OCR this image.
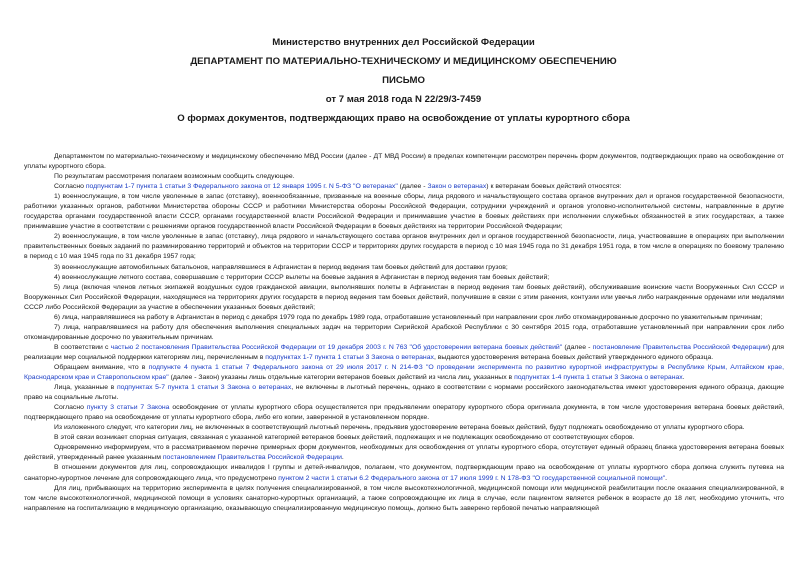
Министерство внутренних дел Российской Федерации
ДЕПАРТАМЕНТ ПО МАТЕРИАЛЬНО-ТЕХНИЧЕСКОМУ И МЕДИЦИНСКОМУ ОБЕСПЕЧЕНИЮ
ПИСЬМО
от 7 мая 2018 года N 22/29/3-7459
О формах документов, подтверждающих право на освобождение от уплаты курортного сбора

Департаментом по материально-техническому и медицинскому обеспечению МВД России (далее - ДТ МВД России) в пределах компетенции рассмотрен перечень форм документов, подтверждающих право на освобождение от уплаты курортного сбора.

По результатам рассмотрения полагаем возможным сообщить следующее.

Согласно подпунктам 1-7 пункта 1 статьи 3 Федерального закона от 12 января 1995 г. N 5-ФЗ "О ветеранах" (далее - Закон о ветеранах) к ветеранам боевых действий относятся:

1) военнослужащие, в том числе уволенные в запас (отставку), военнообязанные, призванные на военные сборы, лица рядового и начальствующего состава органов внутренних дел и органов государственной безопасности, работники указанных органов, работники Министерства обороны СССР и работники Министерства обороны Российской Федерации, сотрудники учреждений и органов уголовно-исполнительной системы, направленные в другие государства органами государственной власти СССР, органами государственной власти Российской Федерации и принимавшие участие в боевых действиях при исполнении служебных обязанностей в этих государствах, а также принимавшие участие в соответствии с решениями органов государственной власти Российской Федерации в боевых действиях на территории Российской Федерации;

2) военнослужащие, в том числе уволенные в запас (отставку), лица рядового и начальствующего состава органов внутренних дел и органов государственной безопасности, лица, участвовавшие в операциях при выполнении правительственных боевых заданий по разминированию территорий и объектов на территории СССР и территориях других государств в период с 10 мая 1945 года по 31 декабря 1951 года, в том числе в операциях по боевому тралению в период с 10 мая 1945 года по 31 декабря 1957 года;

3) военнослужащие автомобильных батальонов, направлявшиеся в Афганистан в период ведения там боевых действий для доставки грузов;

4) военнослужащие летного состава, совершавшие с территории СССР вылеты на боевые задания в Афганистан в период ведения там боевых действий;

5) лица (включая членов летных экипажей воздушных судов гражданской авиации, выполнявших полеты в Афганистан в период ведения там боевых действий), обслуживавшие воинские части Вооруженных Сил СССР и Вооруженных Сил Российской Федерации, находящиеся на территориях других государств в период ведения там боевых действий, получившие в связи с этим ранения, контузии или увечья либо награжденные орденами или медалями СССР либо Российской Федерации за участие в обеспечении указанных боевых действий;

6) лица, направлявшиеся на работу в Афганистан в период с декабря 1979 года по декабрь 1989 года, отработавшие установленный при направлении срок либо откомандированные досрочно по уважительным причинам;

7) лица, направлявшиеся на работу для обеспечения выполнения специальных задач на территории Сирийской Арабской Республики с 30 сентября 2015 года, отработавшие установленный при направлении срок либо откомандированные досрочно по уважительным причинам.

В соответствии с частью 2 постановления Правительства Российской Федерации от 19 декабря 2003 г. N 763 "Об удостоверении ветерана боевых действий" (далее - постановление Правительства Российской Федерации) для реализации мер социальной поддержки категориям лиц, перечисленным в подпунктах 1-7 пункта 1 статьи 3 Закона о ветеранах, выдаются удостоверения ветерана боевых действий утвержденного единого образца.

Обращаем внимание, что в подпункте 4 пункта 1 статьи 7 Федерального закона от 29 июля 2017 г. N 214-ФЗ "О проведении эксперимента по развитию курортной инфраструктуры в Республике Крым, Алтайском крае, Краснодарском крае и Ставропольском крае" (далее - Закон) указаны лишь отдельные категории ветеранов боевых действий из числа лиц, указанных в подпунктах 1-4 пункта 1 статьи 3 Закона о ветеранах.

Лица, указанные в подпунктах 5-7 пункта 1 статьи 3 Закона о ветеранах, не включены в льготный перечень, однако в соответствии с нормами российского законодательства имеют удостоверения единого образца, дающие право на социальные льготы.

Согласно пункту 3 статьи 7 Закона освобождение от уплаты курортного сбора осуществляется при предъявлении оператору курортного сбора оригинала документа, в том числе удостоверения ветерана боевых действий, подтверждающего право на освобождение от уплаты курортного сбора, либо его копии, заверенной в установленном порядке.

Из изложенного следует, что категории лиц, не включенных в соответствующий льготный перечень, предъявив удостоверение ветерана боевых действий, будут подлежать освобождению от уплаты курортного сбора.

В этой связи возникает спорная ситуация, связанная с указанной категорией ветеранов боевых действий, подлежащих и не подлежащих освобождению от соответствующих сборов.

Одновременно информируем, что в рассматриваемом перечне примерных форм документов, необходимых для освобождения от уплаты курортного сбора, отсутствует единый образец бланка удостоверения ветерана боевых действий, утвержденный ранее указанным постановлением Правительства Российской Федерации.

В отношении документов для лиц, сопровождающих инвалидов I группы и детей-инвалидов, полагаем, что документом, подтверждающим право на освобождение от уплаты курортного сбора должна служить путевка на санаторно-курортное лечение для сопровождающего лица, что предусмотрено пунктом 2 части 1 статьи 6.2 Федерального закона от 17 июля 1999 г. N 178-ФЗ "О государственной социальной помощи".

Для лиц, прибывающих на территорию эксперимента в целях получения специализированной, в том числе высокотехнологичной, медицинской помощи или медицинской реабилитации после оказания специализированной, в том числе высокотехнологичной, медицинской помощи в условиях санаторно-курортных организаций, а также сопровождающие их лица в случае, если пациентом является ребенок в возрасте до 18 лет, необходимо уточнить, что направление на госпитализацию в медицинскую организацию, оказывающую специализированную медицинскую помощь, должно быть заверено гербовой печатью направляющей
